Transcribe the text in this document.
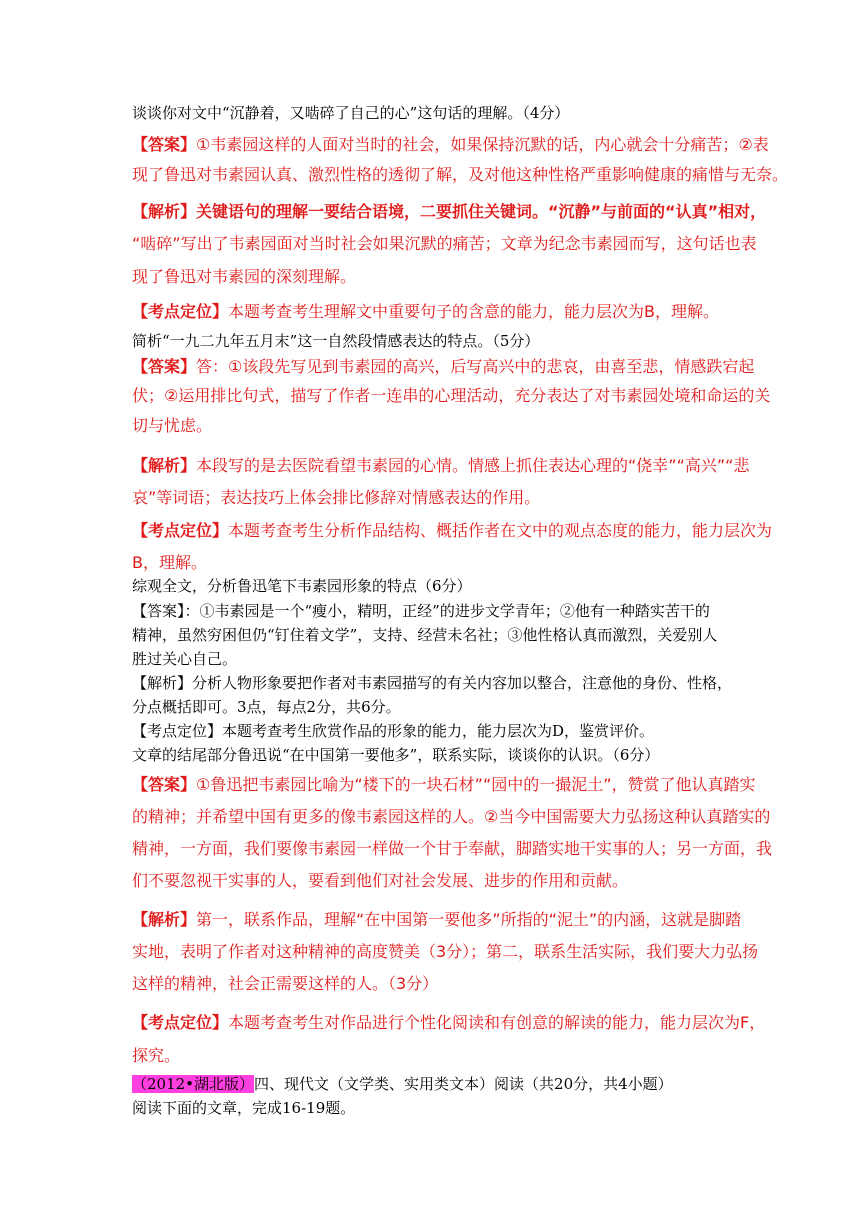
谈谈你对文中“沉静着，又啮碎了自己的心”这句话的理解。（4分）
【答案】①韦素园这样的人面对当时的社会，如果保持沉默的话，内心就会十分痛苦；②表
现了鲁迅对韦素园认真、激烈性格的透彻了解，及对他这种性格严重影响健康的痛惜与无奈。
【解析】关键语句的理解一要结合语境，二要抓住关键词。“沉静”与前面的“认真”相对，
“啮碎”写出了韦素园面对当时社会如果沉默的痛苦；文章为纪念韦素园而写，这句话也表
现了鲁迅对韦素园的深刻理解。
【考点定位】本题考查考生理解文中重要句子的含意的能力，能力层次为B，理解。
简析“一九二九年五月末”这一自然段情感表达的特点。（5分）
【答案】答：①该段先写见到韦素园的高兴，后写高兴中的悲哀，由喜至悲，情感跌宕起
伏；②运用排比句式，描写了作者一连串的心理活动，充分表达了对韦素园处境和命运的关
切与忧虑。
【解析】本段写的是去医院看望韦素园的心情。情感上抓住表达心理的“侥幸”“高兴”“悲
哀”等词语；表达技巧上体会排比修辞对情感表达的作用。
【考点定位】本题考查考生分析作品结构、概括作者在文中的观点态度的能力，能力层次为
B，理解。
综观全文，分析鲁迅笔下韦素园形象的特点（6分）
【答案】：①韦素园是一个“瘦小，精明，正经”的进步文学青年；②他有一种踏实苦干的
精神，虽然穷困但仍“钉住着文学”，支持、经营未名社；③他性格认真而激烈，关爱别人
胜过关心自己。
【解析】分析人物形象要把作者对韦素园描写的有关内容加以整合，注意他的身份、性格，
分点概括即可。3点，每点2分，共6分。
【考点定位】本题考查考生欣赏作品的形象的能力，能力层次为D，鉴赏评价。
文章的结尾部分鲁迅说“在中国第一要他多”，联系实际，谈谈你的认识。（6分）
【答案】①鲁迅把韦素园比喻为“楼下的一块石材”“园中的一撮泥土”，赞赏了他认真踏实
的精神；并希望中国有更多的像韦素园这样的人。②当今中国需要大力弘扬这种认真踏实的
精神，一方面，我们要像韦素园一样做一个甘于奉献，脚踏实地干实事的人；另一方面，我
们不要忽视干实事的人，要看到他们对社会发展、进步的作用和贡献。
【解析】第一，联系作品，理解“在中国第一要他多”所指的“泥土”的内涵，这就是脚踏
实地，表明了作者对这种精神的高度赞美（3分）；第二，联系生活实际，我们要大力弘扬
这样的精神，社会正需要这样的人。（3分）
【考点定位】本题考查考生对作品进行个性化阅读和有创意的解读的能力，能力层次为F，
探究。
（2012•湖北版）四、现代文（文学类、实用类文本）阅读（共20分，共4小题）
阅读下面的文章，完成16-19题。
